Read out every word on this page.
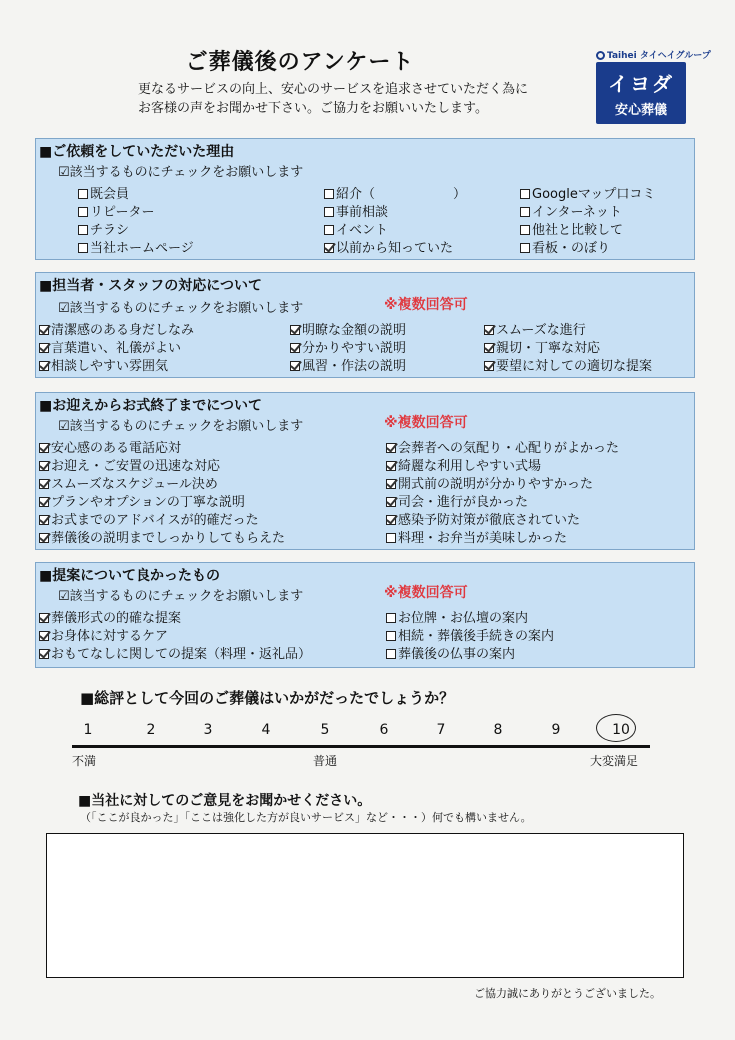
ご葬儀後のアンケート
更なるサービスの向上、安心のサービスを追求させていただく為に
お客様の声をお聞かせ下さい。ご協力をお願いいたします。
Taihei タイヘイグループ
イヨダ
安心葬儀
■ご依頼をしていただいた理由
☑該当するものにチェックをお願いします
既会員	紹介（　　　　　　）	Googleマップ口コミ
リピーター	事前相談	インターネット
チラシ	イベント	他社と比較して
当社ホームページ	以前から知っていた	看板・のぼり
■担当者・スタッフの対応について
☑該当するものにチェックをお願いします	※複数回答可
清潔感のある身だしなみ	明瞭な金額の説明	スムーズな進行
言葉遣い、礼儀がよい	分かりやすい説明	親切・丁寧な対応
相談しやすい雰囲気	風習・作法の説明	要望に対しての適切な提案
■お迎えからお式終了までについて
☑該当するものにチェックをお願いします	※複数回答可
安心感のある電話応対	会葬者への気配り・心配りがよかった
お迎え・ご安置の迅速な対応	綺麗な利用しやすい式場
スムーズなスケジュール決め	開式前の説明が分かりやすかった
プランやオプションの丁寧な説明	司会・進行が良かった
お式までのアドバイスが的確だった	感染予防対策が徹底されていた
葬儀後の説明までしっかりしてもらえた	料理・お弁当が美味しかった
■提案について良かったもの
☑該当するものにチェックをお願いします	※複数回答可
葬儀形式の的確な提案	お位牌・お仏壇の案内
お身体に対するケア	相続・葬儀後手続きの案内
おもてなしに関しての提案（料理・返礼品）	葬儀後の仏事の案内
■総評として今回のご葬儀はいかがだったでしょうか？
1	2	3	4	5	6	7	8	9	10
不満	普通	大変満足
■当社に対してのご意見をお聞かせください。
（「ここが良かった」「ここは強化した方が良いサービス」など・・・）何でも構いません。
ご協力誠にありがとうございました。
